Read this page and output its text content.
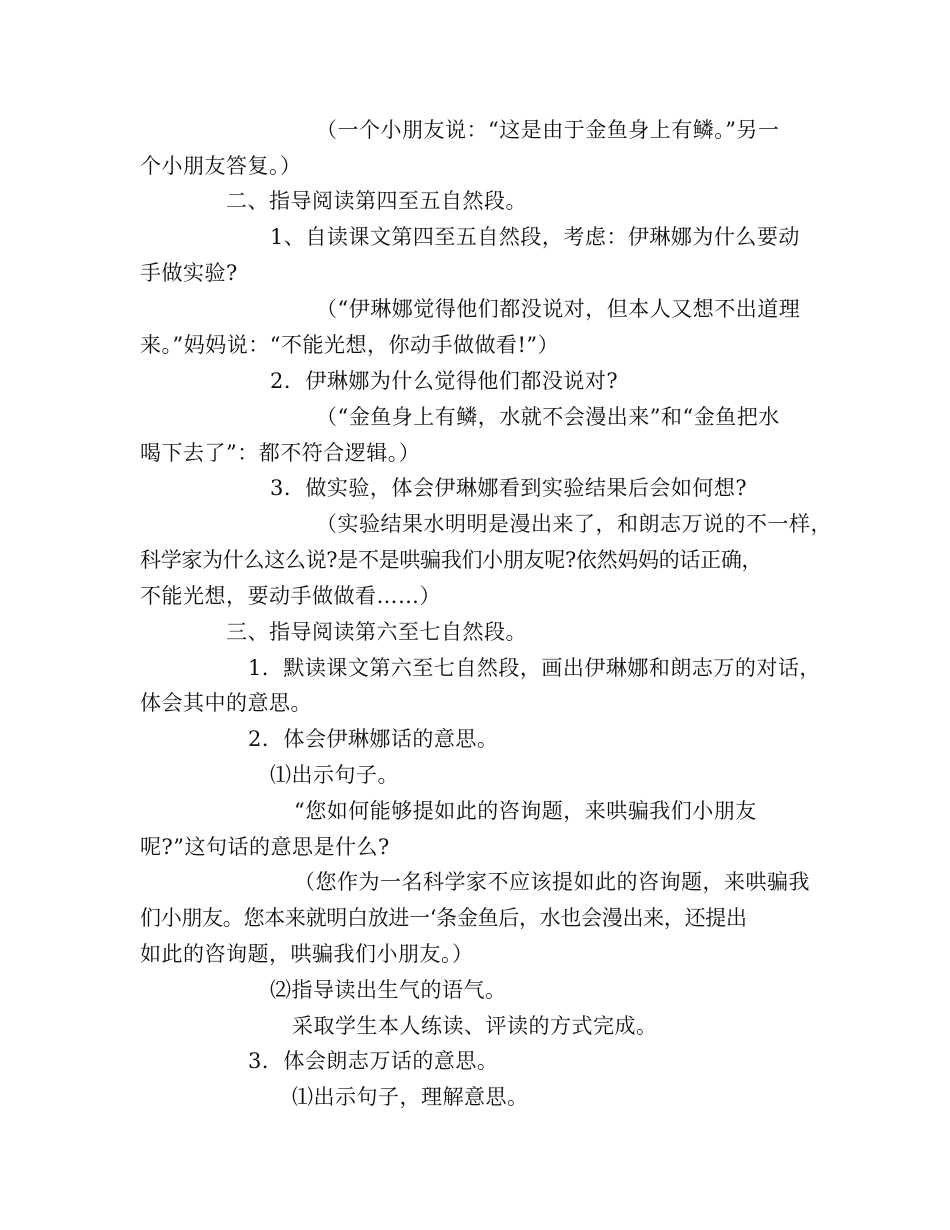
（一个小朋友说：“这是由于金鱼身上有鳞。”另一
个小朋友答复。）
二、指导阅读第四至五自然段。
1、自读课文第四至五自然段，考虑：伊琳娜为什么要动
手做实验?
（“伊琳娜觉得他们都没说对，但本人又想不出道理
来。”妈妈说：“不能光想，你动手做做看!”）
2．伊琳娜为什么觉得他们都没说对?
（“金鱼身上有鳞，水就不会漫出来”和“金鱼把水
喝下去了”：都不符合逻辑。）
3．做实验，体会伊琳娜看到实验结果后会如何想?
（实验结果水明明是漫出来了，和朗志万说的不一样，
科学家为什么这么说?是不是哄骗我们小朋友呢?依然妈妈的话正确，
不能光想，要动手做做看……）
三、指导阅读第六至七自然段。
1．默读课文第六至七自然段，画出伊琳娜和朗志万的对话，
体会其中的意思。
2．体会伊琳娜话的意思。
⑴出示句子。
“您如何能够提如此的咨询题，来哄骗我们小朋友
呢?”这句话的意思是什么?
（您作为一名科学家不应该提如此的咨询题，来哄骗我
们小朋友。您本来就明白放进一‘条金鱼后，水也会漫出来，还提出
如此的咨询题，哄骗我们小朋友。）
⑵指导读出生气的语气。
采取学生本人练读、评读的方式完成。
3．体会朗志万话的意思。
⑴出示句子，理解意思。
